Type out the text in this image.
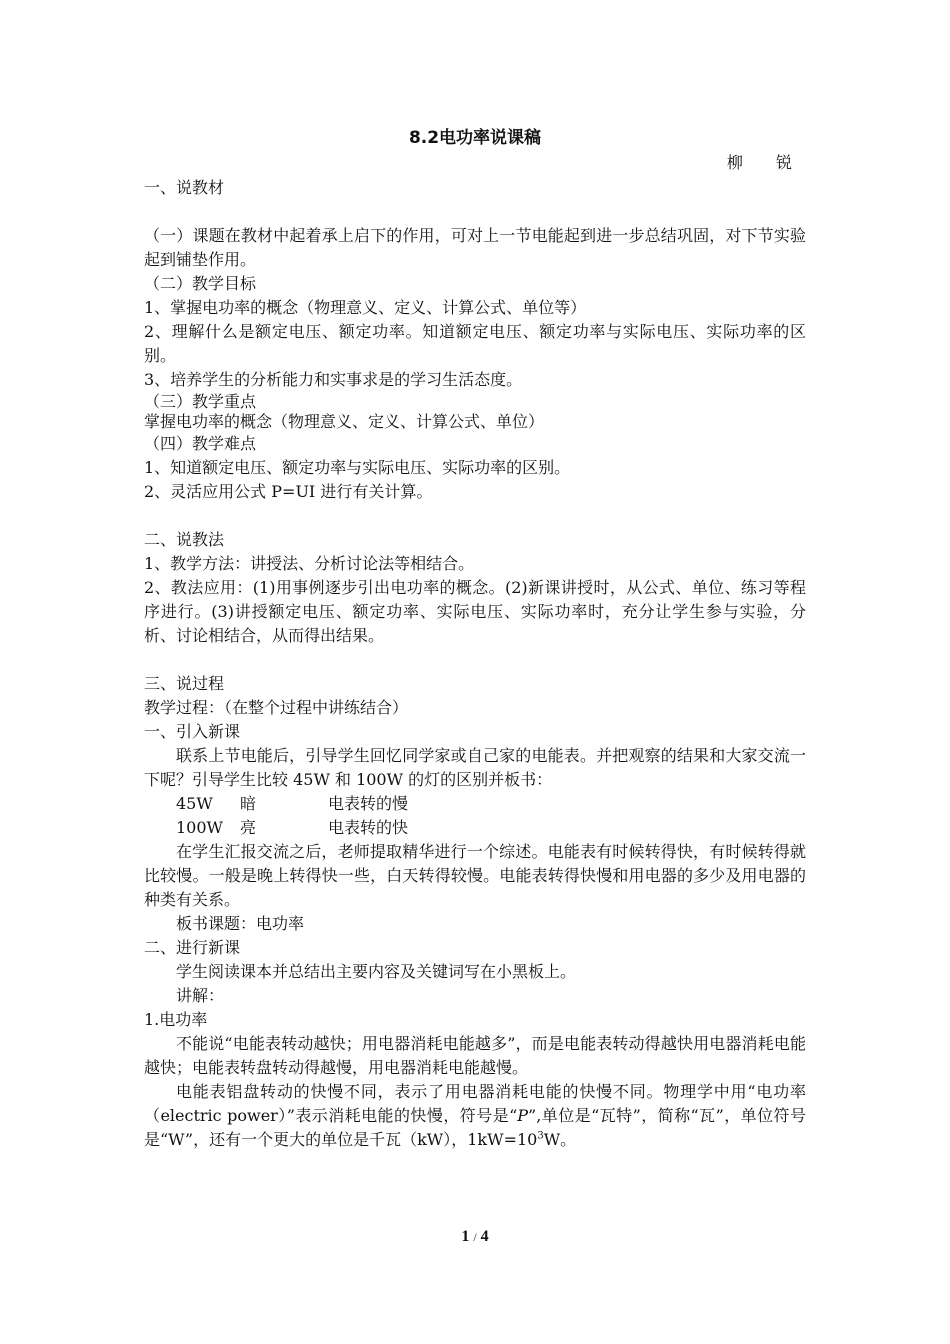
8.2电功率说课稿
柳 锐

一、说教材

（一）课题在教材中起着承上启下的作用，可对上一节电能起到进一步总结巩固，对下节实验起到铺垫作用。

（二）教学目标

1、掌握电功率的概念（物理意义、定义、计算公式、单位等）

2、理解什么是额定电压、额定功率。知道额定电压、额定功率与实际电压、实际功率的区别。

3、培养学生的分析能力和实事求是的学习生活态度。

（三）教学重点

掌握电功率的概念（物理意义、定义、计算公式、单位）

（四）教学难点

1、知道额定电压、额定功率与实际电压、实际功率的区别。

2、灵活应用公式 P=UI 进行有关计算。

二、说教法

1、教学方法：讲授法、分析讨论法等相结合。

2、教法应用：(1)用事例逐步引出电功率的概念。(2)新课讲授时，从公式、单位、练习等程序进行。(3)讲授额定电压、额定功率、实际电压、实际功率时，充分让学生参与实验，分析、讨论相结合，从而得出结果。

三、说过程

教学过程：（在整个过程中讲练结合）

一、引入新课

联系上节电能后，引导学生回忆同学家或自己家的电能表。并把观察的结果和大家交流一下呢？引导学生比较 45W 和 100W 的灯的区别并板书：

45W	暗	电表转的慢
100W	亮	电表转的快

在学生汇报交流之后，老师提取精华进行一个综述。电能表有时候转得快，有时候转得就比较慢。一般是晚上转得快一些，白天转得较慢。电能表转得快慢和用电器的多少及用电器的种类有关系。

板书课题：电功率

二、进行新课

学生阅读课本并总结出主要内容及关键词写在小黑板上。

讲解：

1.电功率

不能说“电能表转动越快；用电器消耗电能越多”，而是电能表转动得越快用电器消耗电能越快；电能表转盘转动得越慢，用电器消耗电能越慢。

电能表铝盘转动的快慢不同，表示了用电器消耗电能的快慢不同。物理学中用“电功率（electric power）”表示消耗电能的快慢，符号是“P”,单位是“瓦特”，简称“瓦”，单位符号是“W”，还有一个更大的单位是千瓦（kW），$1kW=10^3W$。

1 / 4
